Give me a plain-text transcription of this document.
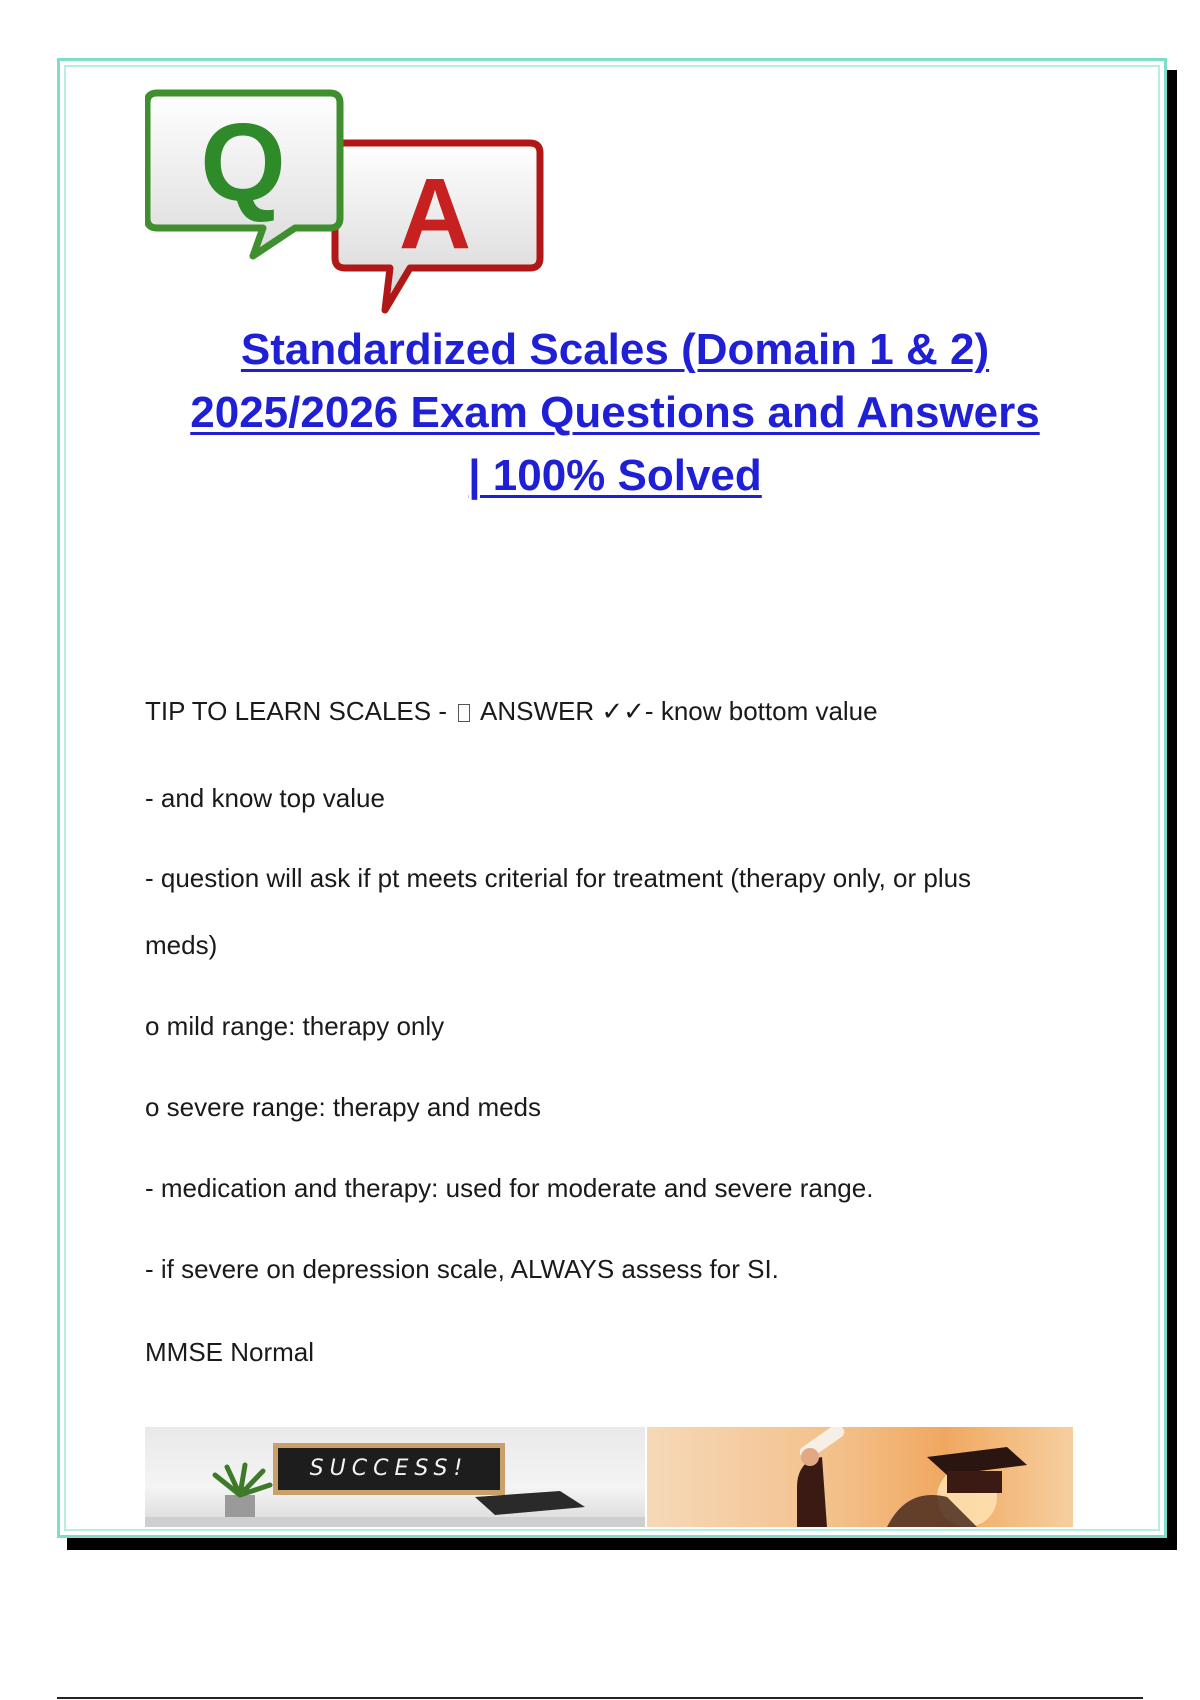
Q A
Standardized Scales (Domain 1 & 2)
2025/2026 Exam Questions and Answers
| 100% Solved
TIP TO LEARN SCALES -  ANSWER ✓✓- know bottom value
- and know top value
- question will ask if pt meets criterial for treatment (therapy only, or plus
meds)
o mild range: therapy only
o severe range: therapy and meds
- medication and therapy: used for moderate and severe range.
- if severe on depression scale, ALWAYS assess for SI.
MMSE Normal
SUCCESS!
